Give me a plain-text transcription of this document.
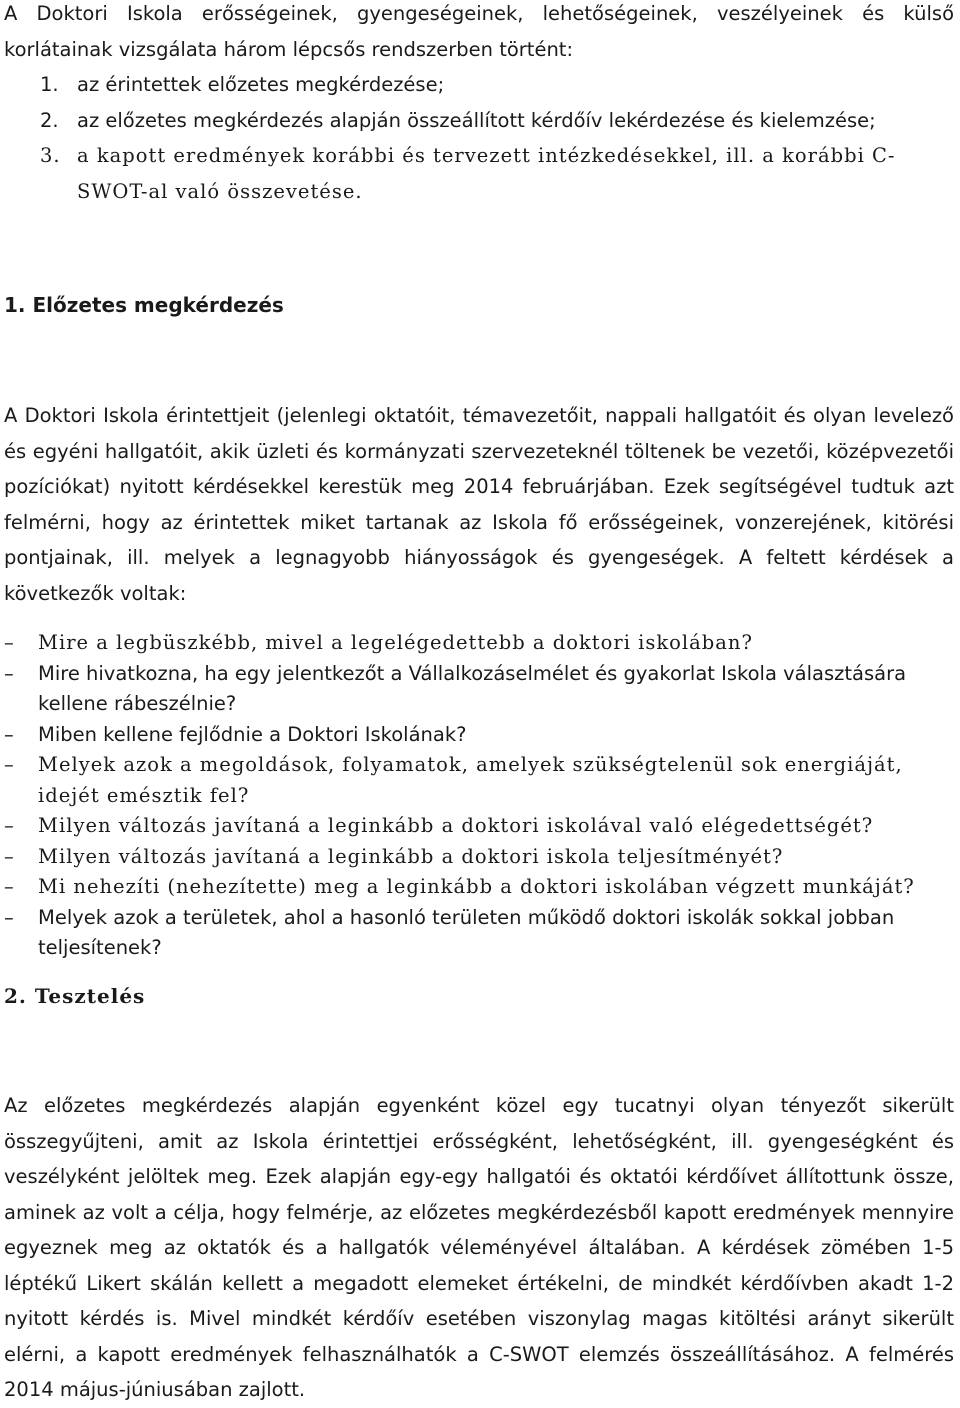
A Doktori Iskola erősségeinek, gyengeségeinek, lehetőségeinek, veszélyeinek és külső korlátainak vizsgálata három lépcsős rendszerben történt:
1. az érintettek előzetes megkérdezése;
2. az előzetes megkérdezés alapján összeállított kérdőív lekérdezése és kielemzése;
3. a kapott eredmények korábbi és tervezett intézkedésekkel, ill. a korábbi C-SWOT-al való összevetése.
1. Előzetes megkérdezés
A Doktori Iskola érintettjeit (jelenlegi oktatóit, témavezetőit, nappali hallgatóit és olyan levelező és egyéni hallgatóit, akik üzleti és kormányzati szervezeteknél töltenek be vezetői, középvezetői pozíciókat) nyitott kérdésekkel kerestük meg 2014 februárjában. Ezek segítségével tudtuk azt felmérni, hogy az érintettek miket tartanak az Iskola fő erősségeinek, vonzerejének, kitörési pontjainak, ill. melyek a legnagyobb hiányosságok és gyengeségek. A feltett kérdések a következők voltak:
– Mire a legbüszkébb, mivel a legelégedettebb a doktori iskolában?
– Mire hivatkozna, ha egy jelentkezőt a Vállalkozáselmélet és gyakorlat Iskola választására kellene rábeszélnie?
– Miben kellene fejlődnie a Doktori Iskolának?
– Melyek azok a megoldások, folyamatok, amelyek szükségtelenül sok energiáját, idejét emésztik fel?
– Milyen változás javítaná a leginkább a doktori iskolával való elégedettségét?
– Milyen változás javítaná a leginkább a doktori iskola teljesítményét?
– Mi nehezíti (nehezítette) meg a leginkább a doktori iskolában végzett munkáját?
– Melyek azok a területek, ahol a hasonló területen működő doktori iskolák sokkal jobban teljesítenek?
2. Tesztelés
Az előzetes megkérdezés alapján egyenként közel egy tucatnyi olyan tényezőt sikerült összegyűjteni, amit az Iskola érintettjei erősségként, lehetőségként, ill. gyengeségként és veszélyként jelöltek meg. Ezek alapján egy-egy hallgatói és oktatói kérdőívet állítottunk össze, aminek az volt a célja, hogy felmérje, az előzetes megkérdezésből kapott eredmények mennyire egyeznek meg az oktatók és a hallgatók véleményével általában. A kérdések zömében 1-5 léptékű Likert skálán kellett a megadott elemeket értékelni, de mindkét kérdőívben akadt 1-2 nyitott kérdés is. Mivel mindkét kérdőív esetében viszonylag magas kitöltési arányt sikerült elérni, a kapott eredmények felhasználhatók a C-SWOT elemzés összeállításához. A felmérés 2014 május-júniusában zajlott.
